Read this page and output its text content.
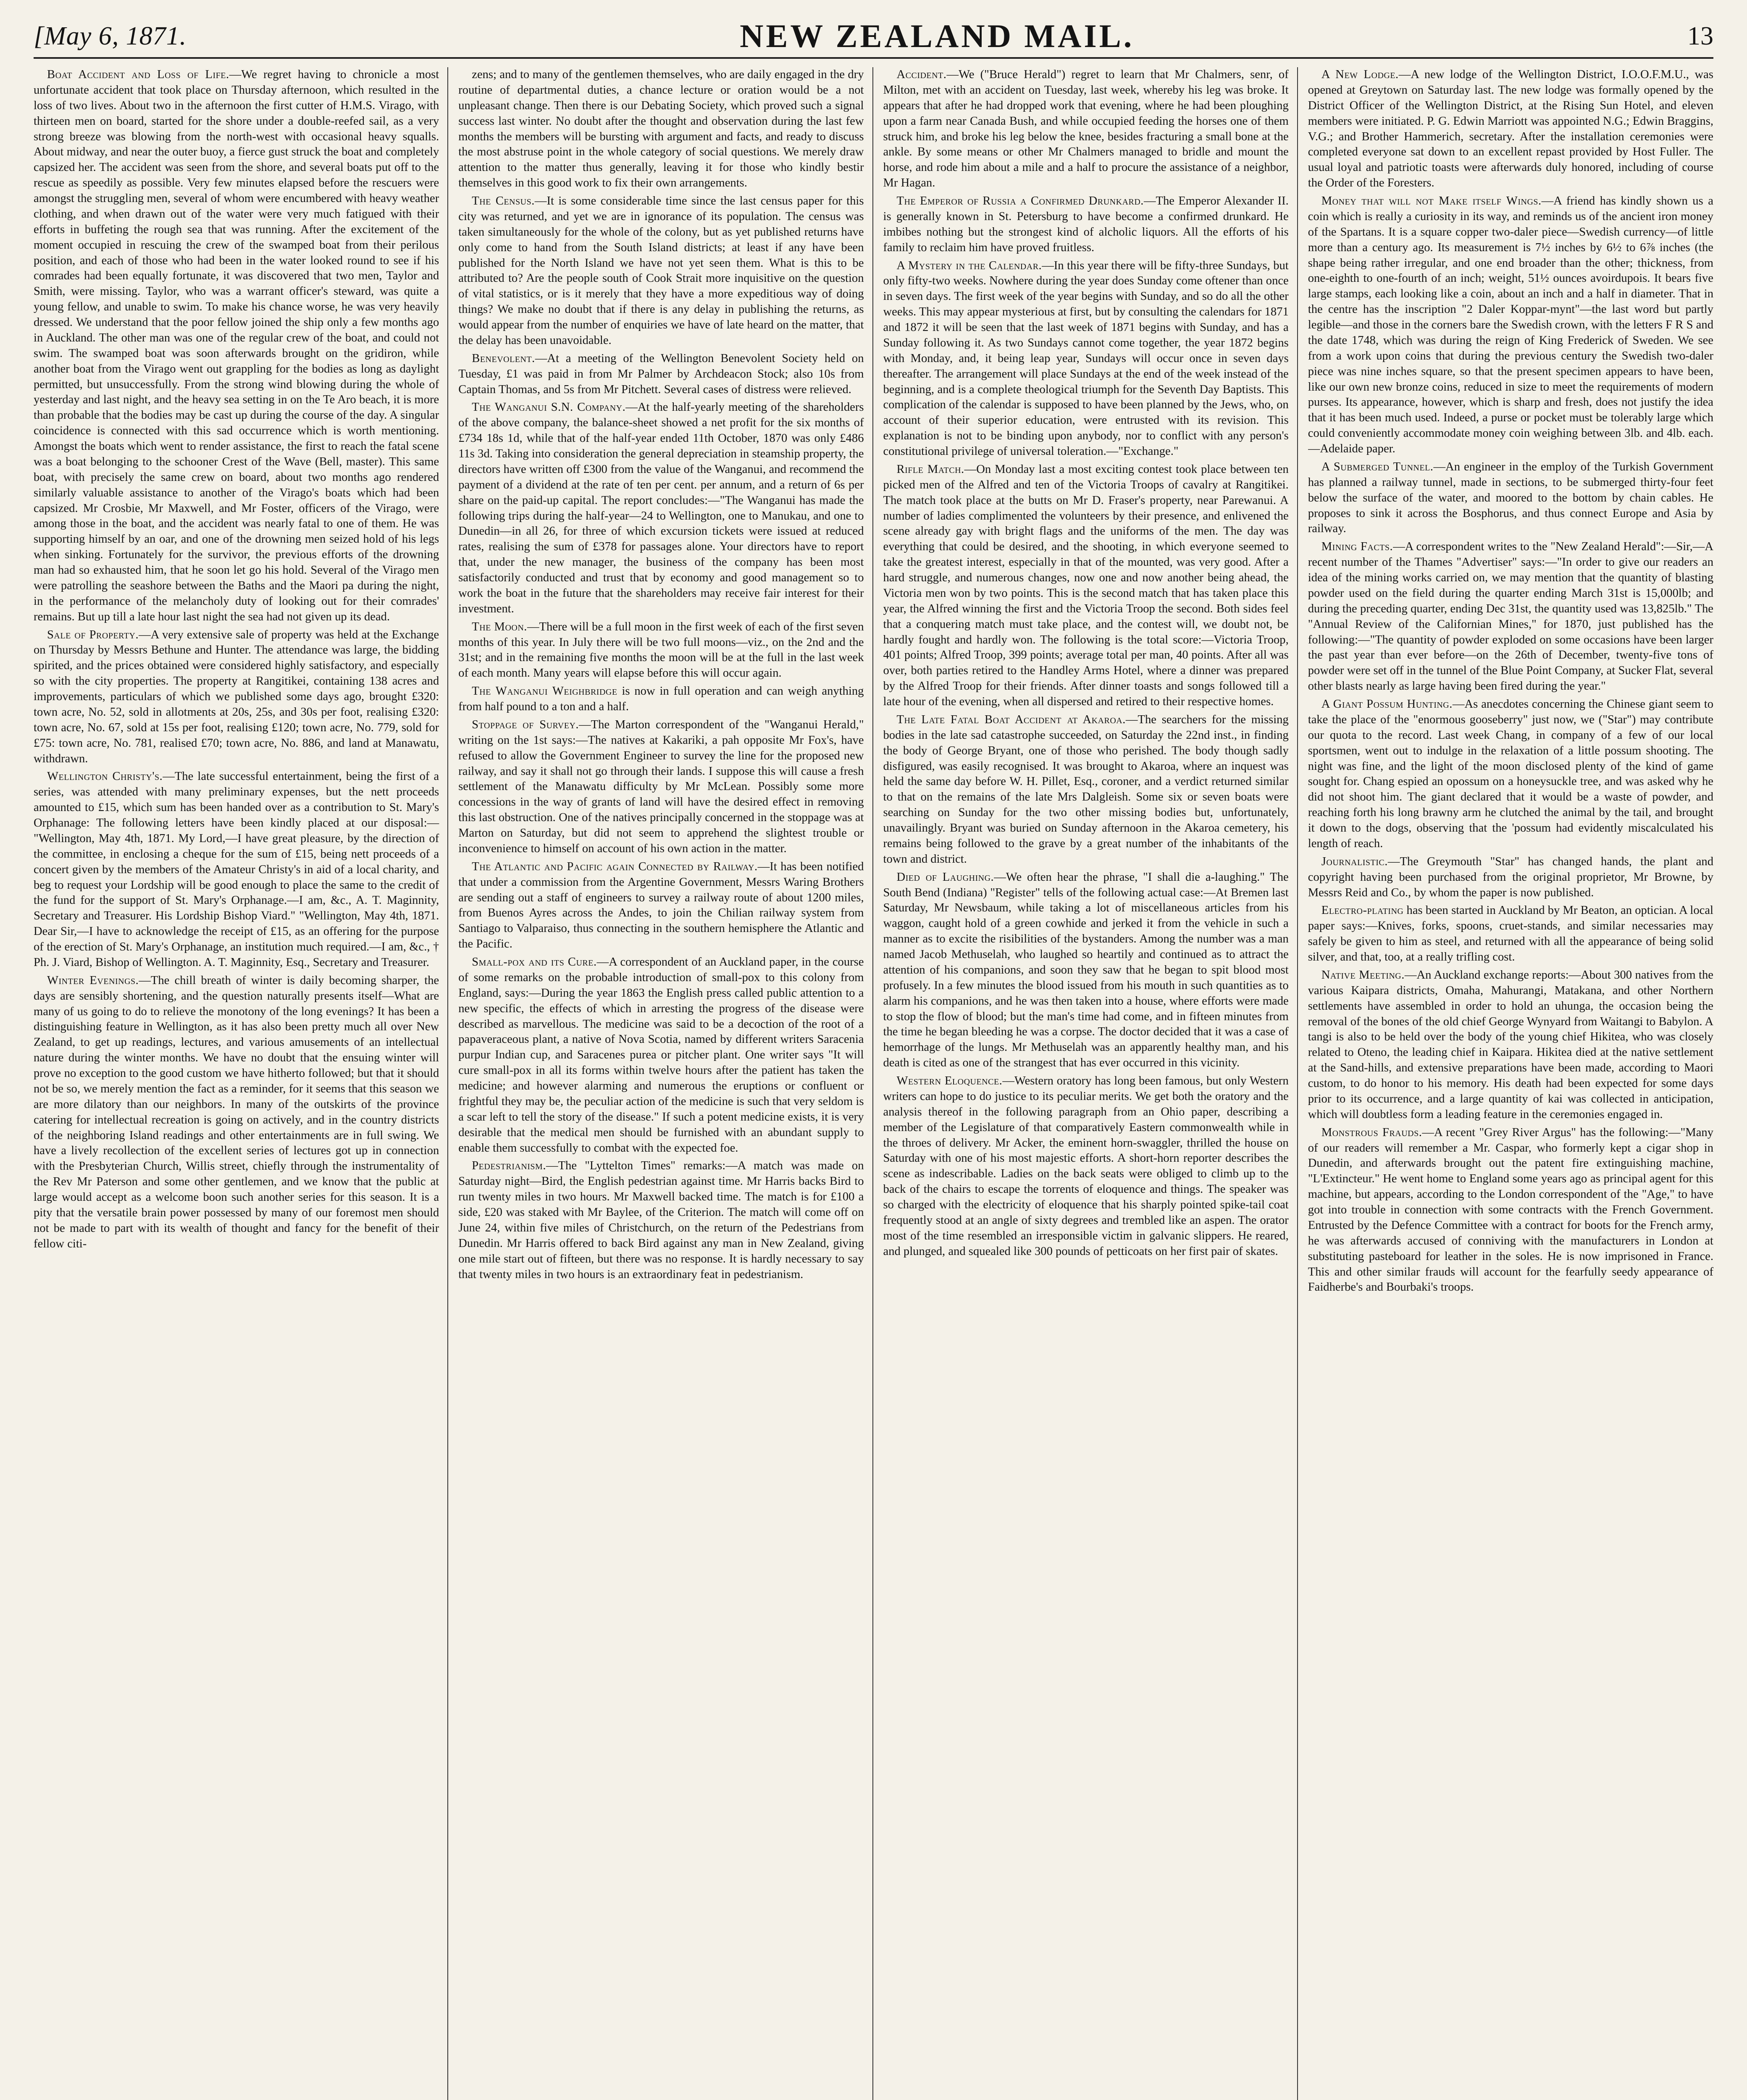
[May 6, 1871.	NEW ZEALAND MAIL.	13

Boat Accident and Loss of Life.—We regret having to chronicle a most unfortunate accident that took place on Thursday afternoon, which resulted in the loss of two lives. About two in the afternoon the first cutter of H.M.S. Virago, with thirteen men on board, started for the shore under a double-reefed sail, as a very strong breeze was blowing from the north-west with occasional heavy squalls. About midway, and near the outer buoy, a fierce gust struck the boat and completely capsized her. The accident was seen from the shore, and several boats put off to the rescue as speedily as possible. Very few minutes elapsed before the rescuers were amongst the struggling men, several of whom were encumbered with heavy weather clothing, and when drawn out of the water were very much fatigued with their efforts in buffeting the rough sea that was running. After the excitement of the moment occupied in rescuing the crew of the swamped boat from their perilous position, and each of those who had been in the water looked round to see if his comrades had been equally fortunate, it was discovered that two men, Taylor and Smith, were missing. Taylor, who was a warrant officer's steward, was quite a young fellow, and unable to swim. To make his chance worse, he was very heavily dressed. We understand that the poor fellow joined the ship only a few months ago in Auckland. The other man was one of the regular crew of the boat, and could not swim. The swamped boat was soon afterwards brought on the gridiron, while another boat from the Virago went out grappling for the bodies as long as daylight permitted, but unsuccessfully. From the strong wind blowing during the whole of yesterday and last night, and the heavy sea setting in on the Te Aro beach, it is more than probable that the bodies may be cast up during the course of the day. A singular coincidence is connected with this sad occurrence which is worth mentioning. Amongst the boats which went to render assistance, the first to reach the fatal scene was a boat belonging to the schooner Crest of the Wave (Bell, master). This same boat, with precisely the same crew on board, about two months ago rendered similarly valuable assistance to another of the Virago's boats which had been capsized. Mr Crosbie, Mr Maxwell, and Mr Foster, officers of the Virago, were among those in the boat, and the accident was nearly fatal to one of them. He was supporting himself by an oar, and one of the drowning men seized hold of his legs when sinking. Fortunately for the survivor, the previous efforts of the drowning man had so exhausted him, that he soon let go his hold. Several of the Virago men were patrolling the seashore between the Baths and the Maori pa during the night, in the performance of the melancholy duty of looking out for their comrades' remains. But up till a late hour last night the sea had not given up its dead.

Sale of Property.—A very extensive sale of property was held at the Exchange on Thursday by Messrs Bethune and Hunter. The attendance was large, the bidding spirited, and the prices obtained were considered highly satisfactory, and especially so with the city properties. The property at Rangitikei, containing 138 acres and improvements, particulars of which we published some days ago, brought £320: town acre, No. 52, sold in allotments at 20s, 25s, and 30s per foot, realising £320: town acre, No. 67, sold at 15s per foot, realising £120; town acre, No. 779, sold for £75: town acre, No. 781, realised £70; town acre, No. 886, and land at Manawatu, withdrawn.

Wellington Christy's.—The late successful entertainment, being the first of a series, was attended with many preliminary expenses, but the nett proceeds amounted to £15, which sum has been handed over as a contribution to St. Mary's Orphanage: The following letters have been kindly placed at our disposal:— "Wellington, May 4th, 1871. My Lord,—I have great pleasure, by the direction of the committee, in enclosing a cheque for the sum of £15, being nett proceeds of a concert given by the members of the Amateur Christy's in aid of a local charity, and beg to request your Lordship will be good enough to place the same to the credit of the fund for the support of St. Mary's Orphanage.—I am, &c., A. T. Maginnity, Secretary and Treasurer. His Lordship Bishop Viard." "Wellington, May 4th, 1871. Dear Sir,—I have to acknowledge the receipt of £15, as an offering for the purpose of the erection of St. Mary's Orphanage, an institution much required.—I am, &c., † Ph. J. Viard, Bishop of Wellington. A. T. Maginnity, Esq., Secretary and Treasurer.

Winter Evenings.—The chill breath of winter is daily becoming sharper, the days are sensibly shortening, and the question naturally presents itself—What are many of us going to do to relieve the monotony of the long evenings? It has been a distinguishing feature in Wellington, as it has also been pretty much all over New Zealand, to get up readings, lectures, and various amusements of an intellectual nature during the winter months. We have no doubt that the ensuing winter will prove no exception to the good custom we have hitherto followed; but that it should not be so, we merely mention the fact as a reminder, for it seems that this season we are more dilatory than our neighbors. In many of the outskirts of the province catering for intellectual recreation is going on actively, and in the country districts of the neighboring Island readings and other entertainments are in full swing. We have a lively recollection of the excellent series of lectures got up in connection with the Presbyterian Church, Willis street, chiefly through the instrumentality of the Rev Mr Paterson and some other gentlemen, and we know that the public at large would accept as a welcome boon such another series for this season. It is a pity that the versatile brain power possessed by many of our foremost men should not be made to part with its wealth of thought and fancy for the benefit of their fellow citi-

zens; and to many of the gentlemen themselves, who are daily engaged in the dry routine of departmental duties, a chance lecture or oration would be a not unpleasant change. Then there is our Debating Society, which proved such a signal success last winter. No doubt after the thought and observation during the last few months the members will be bursting with argument and facts, and ready to discuss the most abstruse point in the whole category of social questions. We merely draw attention to the matter thus generally, leaving it for those who kindly bestir themselves in this good work to fix their own arrangements.

The Census.—It is some considerable time since the last census paper for this city was returned, and yet we are in ignorance of its population. The census was taken simultaneously for the whole of the colony, but as yet published returns have only come to hand from the South Island districts; at least if any have been published for the North Island we have not yet seen them. What is this to be attributed to? Are the people south of Cook Strait more inquisitive on the question of vital statistics, or is it merely that they have a more expeditious way of doing things? We make no doubt that if there is any delay in publishing the returns, as would appear from the number of enquiries we have of late heard on the matter, that the delay has been unavoidable.

Benevolent.—At a meeting of the Wellington Benevolent Society held on Tuesday, £1 was paid in from Mr Palmer by Archdeacon Stock; also 10s from Captain Thomas, and 5s from Mr Pitchett. Several cases of distress were relieved.

The Wanganui S.N. Company.—At the half-yearly meeting of the shareholders of the above company, the balance-sheet showed a net profit for the six months of £734 18s 1d, while that of the half-year ended 11th October, 1870 was only £486 11s 3d. Taking into consideration the general depreciation in steamship property, the directors have written off £300 from the value of the Wanganui, and recommend the payment of a dividend at the rate of ten per cent. per annum, and a return of 6s per share on the paid-up capital. The report concludes:—"The Wanganui has made the following trips during the half-year—24 to Wellington, one to Manukau, and one to Dunedin—in all 26, for three of which excursion tickets were issued at reduced rates, realising the sum of £378 for passages alone. Your directors have to report that, under the new manager, the business of the company has been most satisfactorily conducted and trust that by economy and good management so to work the boat in the future that the shareholders may receive fair interest for their investment.

The Moon.—There will be a full moon in the first week of each of the first seven months of this year. In July there will be two full moons—viz., on the 2nd and the 31st; and in the remaining five months the moon will be at the full in the last week of each month. Many years will elapse before this will occur again.

The Wanganui Weighbridge is now in full operation and can weigh anything from half pound to a ton and a half.

Stoppage of Survey.—The Marton correspondent of the "Wanganui Herald," writing on the 1st says:—The natives at Kakariki, a pah opposite Mr Fox's, have refused to allow the Government Engineer to survey the line for the proposed new railway, and say it shall not go through their lands. I suppose this will cause a fresh settlement of the Manawatu difficulty by Mr McLean. Possibly some more concessions in the way of grants of land will have the desired effect in removing this last obstruction. One of the natives principally concerned in the stoppage was at Marton on Saturday, but did not seem to apprehend the slightest trouble or inconvenience to himself on account of his own action in the matter.

The Atlantic and Pacific again Connected by Railway.—It has been notified that under a commission from the Argentine Government, Messrs Waring Brothers are sending out a staff of engineers to survey a railway route of about 1200 miles, from Buenos Ayres across the Andes, to join the Chilian railway system from Santiago to Valparaiso, thus connecting in the southern hemisphere the Atlantic and the Pacific.

Small-pox and its Cure.—A correspondent of an Auckland paper, in the course of some remarks on the probable introduction of small-pox to this colony from England, says:—During the year 1863 the English press called public attention to a new specific, the effects of which in arresting the progress of the disease were described as marvellous. The medicine was said to be a decoction of the root of a papaveraceous plant, a native of Nova Scotia, named by different writers Saracenia purpur Indian cup, and Saracenes purea or pitcher plant. One writer says "It will cure small-pox in all its forms within twelve hours after the patient has taken the medicine; and however alarming and numerous the eruptions or confluent or frightful they may be, the peculiar action of the medicine is such that very seldom is a scar left to tell the story of the disease." If such a potent medicine exists, it is very desirable that the medical men should be furnished with an abundant supply to enable them successfully to combat with the expected foe.

Pedestrianism.—The "Lyttelton Times" remarks:—A match was made on Saturday night—Bird, the English pedestrian against time. Mr Harris backs Bird to run twenty miles in two hours. Mr Maxwell backed time. The match is for £100 a side, £20 was staked with Mr Baylee, of the Criterion. The match will come off on June 24, within five miles of Christchurch, on the return of the Pedestrians from Dunedin. Mr Harris offered to back Bird against any man in New Zealand, giving one mile start out of fifteen, but there was no response. It is hardly necessary to say that twenty miles in two hours is an extraordinary feat in pedestrianism.

Accident.—We ("Bruce Herald") regret to learn that Mr Chalmers, senr, of Milton, met with an accident on Tuesday, last week, whereby his leg was broke. It appears that after he had dropped work that evening, where he had been ploughing upon a farm near Canada Bush, and while occupied feeding the horses one of them struck him, and broke his leg below the knee, besides fracturing a small bone at the ankle. By some means or other Mr Chalmers managed to bridle and mount the horse, and rode him about a mile and a half to procure the assistance of a neighbor, Mr Hagan.

The Emperor of Russia a Confirmed Drunkard.—The Emperor Alexander II. is generally known in St. Petersburg to have become a confirmed drunkard. He imbibes nothing but the strongest kind of alcholic liquors. All the efforts of his family to reclaim him have proved fruitless.

A Mystery in the Calendar.—In this year there will be fifty-three Sundays, but only fifty-two weeks. Nowhere during the year does Sunday come oftener than once in seven days. The first week of the year begins with Sunday, and so do all the other weeks. This may appear mysterious at first, but by consulting the calendars for 1871 and 1872 it will be seen that the last week of 1871 begins with Sunday, and has a Sunday following it. As two Sundays cannot come together, the year 1872 begins with Monday, and, it being leap year, Sundays will occur once in seven days thereafter. The arrangement will place Sundays at the end of the week instead of the beginning, and is a complete theological triumph for the Seventh Day Baptists. This complication of the calendar is supposed to have been planned by the Jews, who, on account of their superior education, were entrusted with its revision. This explanation is not to be binding upon anybody, nor to conflict with any person's constitutional privilege of universal toleration.—"Exchange."

Rifle Match.—On Monday last a most exciting contest took place between ten picked men of the Alfred and ten of the Victoria Troops of cavalry at Rangitikei. The match took place at the butts on Mr D. Fraser's property, near Parewanui. A number of ladies complimented the volunteers by their presence, and enlivened the scene already gay with bright flags and the uniforms of the men. The day was everything that could be desired, and the shooting, in which everyone seemed to take the greatest interest, especially in that of the mounted, was very good. After a hard struggle, and numerous changes, now one and now another being ahead, the Victoria men won by two points. This is the second match that has taken place this year, the Alfred winning the first and the Victoria Troop the second. Both sides feel that a conquering match must take place, and the contest will, we doubt not, be hardly fought and hardly won. The following is the total score:—Victoria Troop, 401 points; Alfred Troop, 399 points; average total per man, 40 points. After all was over, both parties retired to the Handley Arms Hotel, where a dinner was prepared by the Alfred Troop for their friends. After dinner toasts and songs followed till a late hour of the evening, when all dispersed and retired to their respective homes.

The Late Fatal Boat Accident at Akaroa.—The searchers for the missing bodies in the late sad catastrophe succeeded, on Saturday the 22nd inst., in finding the body of George Bryant, one of those who perished. The body though sadly disfigured, was easily recognised. It was brought to Akaroa, where an inquest was held the same day before W. H. Pillet, Esq., coroner, and a verdict returned similar to that on the remains of the late Mrs Dalgleish. Some six or seven boats were searching on Sunday for the two other missing bodies but, unfortunately, unavailingly. Bryant was buried on Sunday afternoon in the Akaroa cemetery, his remains being followed to the grave by a great number of the inhabitants of the town and district.

Died of Laughing.—We often hear the phrase, "I shall die a-laughing." The South Bend (Indiana) "Register" tells of the following actual case:—At Bremen last Saturday, Mr Newsbaum, while taking a lot of miscellaneous articles from his waggon, caught hold of a green cowhide and jerked it from the vehicle in such a manner as to excite the risibilities of the bystanders. Among the number was a man named Jacob Methuselah, who laughed so heartily and continued as to attract the attention of his companions, and soon they saw that he began to spit blood most profusely. In a few minutes the blood issued from his mouth in such quantities as to alarm his companions, and he was then taken into a house, where efforts were made to stop the flow of blood; but the man's time had come, and in fifteen minutes from the time he began bleeding he was a corpse. The doctor decided that it was a case of hemorrhage of the lungs. Mr Methuselah was an apparently healthy man, and his death is cited as one of the strangest that has ever occurred in this vicinity.

Western Eloquence.—Western oratory has long been famous, but only Western writers can hope to do justice to its peculiar merits. We get both the oratory and the analysis thereof in the following paragraph from an Ohio paper, describing a member of the Legislature of that comparatively Eastern commonwealth while in the throes of delivery. Mr Acker, the eminent horn-swaggler, thrilled the house on Saturday with one of his most majestic efforts. A short-horn reporter describes the scene as indescribable. Ladies on the back seats were obliged to climb up to the back of the chairs to escape the torrents of eloquence and things. The speaker was so charged with the electricity of eloquence that his sharply pointed spike-tail coat frequently stood at an angle of sixty degrees and trembled like an aspen. The orator most of the time resembled an irresponsible victim in galvanic slippers. He reared, and plunged, and squealed like 300 pounds of petticoats on her first pair of skates.

A New Lodge.—A new lodge of the Wellington District, I.O.O.F.M.U., was opened at Greytown on Saturday last. The new lodge was formally opened by the District Officer of the Wellington District, at the Rising Sun Hotel, and eleven members were initiated. P. G. Edwin Marriott was appointed N.G.; Edwin Braggins, V.G.; and Brother Hammerich, secretary. After the installation ceremonies were completed everyone sat down to an excellent repast provided by Host Fuller. The usual loyal and patriotic toasts were afterwards duly honored, including of course the Order of the Foresters.

Money that will not Make itself Wings.—A friend has kindly shown us a coin which is really a curiosity in its way, and reminds us of the ancient iron money of the Spartans. It is a square copper two-daler piece—Swedish currency—of little more than a century ago. Its measurement is 7½ inches by 6½ to 6⅞ inches (the shape being rather irregular, and one end broader than the other; thickness, from one-eighth to one-fourth of an inch; weight, 51½ ounces avoirdupois. It bears five large stamps, each looking like a coin, about an inch and a half in diameter. That in the centre has the inscription "2 Daler Koppar-mynt"—the last word but partly legible—and those in the corners bare the Swedish crown, with the letters F R S and the date 1748, which was during the reign of King Frederick of Sweden. We see from a work upon coins that during the previous century the Swedish two-daler piece was nine inches square, so that the present specimen appears to have been, like our own new bronze coins, reduced in size to meet the requirements of modern purses. Its appearance, however, which is sharp and fresh, does not justify the idea that it has been much used. Indeed, a purse or pocket must be tolerably large which could conveniently accommodate money coin weighing between 3lb. and 4lb. each.—Adelaide paper.

A Submerged Tunnel.—An engineer in the employ of the Turkish Government has planned a railway tunnel, made in sections, to be submerged thirty-four feet below the surface of the water, and moored to the bottom by chain cables. He proposes to sink it across the Bosphorus, and thus connect Europe and Asia by railway.

Mining Facts.—A correspondent writes to the "New Zealand Herald":—Sir,—A recent number of the Thames "Advertiser" says:—"In order to give our readers an idea of the mining works carried on, we may mention that the quantity of blasting powder used on the field during the quarter ending March 31st is 15,000lb; and during the preceding quarter, ending Dec 31st, the quantity used was 13,825lb." The "Annual Review of the Californian Mines," for 1870, just published has the following:—"The quantity of powder exploded on some occasions have been larger the past year than ever before—on the 26th of December, twenty-five tons of powder were set off in the tunnel of the Blue Point Company, at Sucker Flat, several other blasts nearly as large having been fired during the year."

A Giant Possum Hunting.—As anecdotes concerning the Chinese giant seem to take the place of the "enormous gooseberry" just now, we ("Star") may contribute our quota to the record. Last week Chang, in company of a few of our local sportsmen, went out to indulge in the relaxation of a little possum shooting. The night was fine, and the light of the moon disclosed plenty of the kind of game sought for. Chang espied an opossum on a honeysuckle tree, and was asked why he did not shoot him. The giant declared that it would be a waste of powder, and reaching forth his long brawny arm he clutched the animal by the tail, and brought it down to the dogs, observing that the 'possum had evidently miscalculated his length of reach.

Journalistic.—The Greymouth "Star" has changed hands, the plant and copyright having been purchased from the original proprietor, Mr Browne, by Messrs Reid and Co., by whom the paper is now published.

Electro-plating has been started in Auckland by Mr Beaton, an optician. A local paper says:—Knives, forks, spoons, cruet-stands, and similar necessaries may safely be given to him as steel, and returned with all the appearance of being solid silver, and that, too, at a really trifling cost.

Native Meeting.—An Auckland exchange reports:—About 300 natives from the various Kaipara districts, Omaha, Mahurangi, Matakana, and other Northern settlements have assembled in order to hold an uhunga, the occasion being the removal of the bones of the old chief George Wynyard from Waitangi to Babylon. A tangi is also to be held over the body of the young chief Hikitea, who was closely related to Oteno, the leading chief in Kaipara. Hikitea died at the native settlement at the Sand-hills, and extensive preparations have been made, according to Maori custom, to do honor to his memory. His death had been expected for some days prior to its occurrence, and a large quantity of kai was collected in anticipation, which will doubtless form a leading feature in the ceremonies engaged in.

Monstrous Frauds.—A recent "Grey River Argus" has the following:—"Many of our readers will remember a Mr. Caspar, who formerly kept a cigar shop in Dunedin, and afterwards brought out the patent fire extinguishing machine, "L'Extincteur." He went home to England some years ago as principal agent for this machine, but appears, according to the London correspondent of the "Age," to have got into trouble in connection with some contracts with the French Government. Entrusted by the Defence Committee with a contract for boots for the French army, he was afterwards accused of conniving with the manufacturers in London at substituting pasteboard for leather in the soles. He is now imprisoned in France. This and other similar frauds will account for the fearfully seedy appearance of Faidherbe's and Bourbaki's troops.
